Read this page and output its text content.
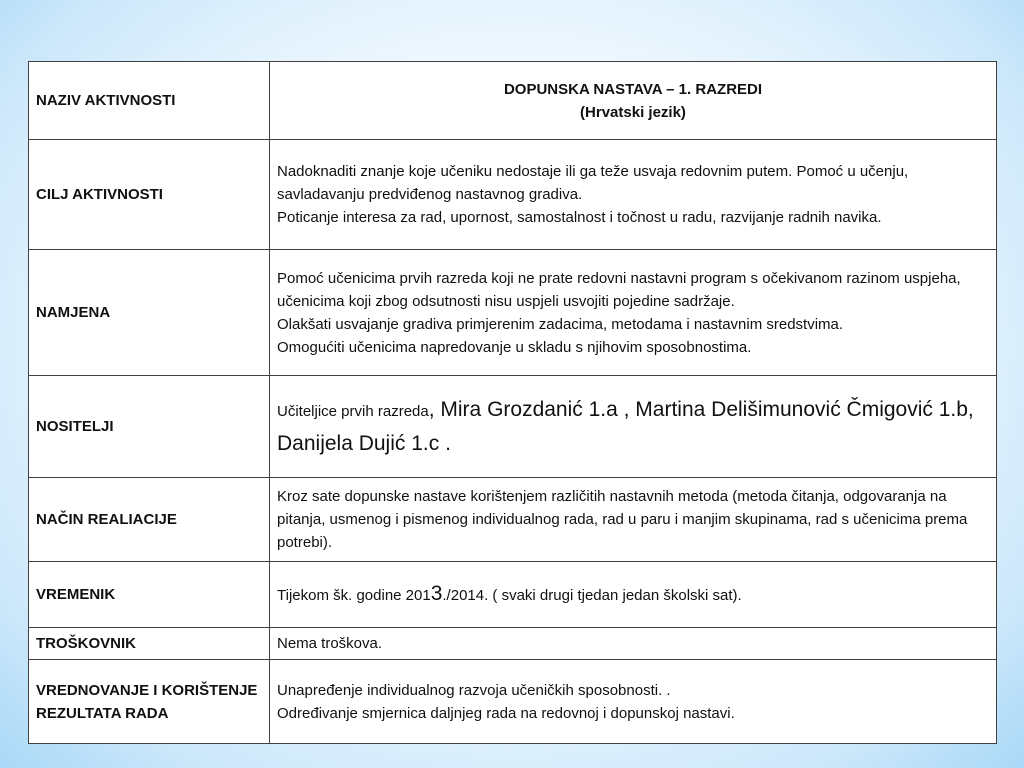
NAZIV AKTIVNOSTI	DOPUNSKA NASTAVA – 1. RAZREDI
(Hrvatski jezik)

CILJ AKTIVNOSTI	Nadoknaditi znanje koje učeniku nedostaje ili ga teže usvaja redovnim putem. Pomoć u učenju, savladavanju predviđenog nastavnog gradiva.

Poticanje interesa za rad, upornost, samostalnost i točnost u radu, razvijanje radnih navika.

NAMJENA	Pomoć učenicima prvih razreda koji ne prate redovni nastavni program s očekivanom razinom uspjeha, učenicima koji zbog odsutnosti nisu uspjeli usvojiti pojedine sadržaje.

Olakšati usvajanje gradiva primjerenim zadacima, metodama i nastavnim sredstvima.

Omogućiti učenicima napredovanje u skladu s njihovim sposobnostima.

NOSITELJI	Učiteljice prvih razreda, Mira Grozdanić 1.a , Martina Delišimunović Čmigović 1.b, Danijela Dujić 1.c .

NAČIN REALIACIJE	Kroz sate dopunske nastave korištenjem različitih nastavnih metoda (metoda čitanja, odgovaranja na pitanja, usmenog i pismenog individualnog rada, rad u paru i manjim skupinama, rad s učenicima prema potrebi).

VREMENIK	Tijekom šk. godine 2013./2014. ( svaki drugi tjedan jedan školski sat).

TROŠKOVNIK	Nema troškova.

VREDNOVANJE I KORIŠTENJE REZULTATA RADA	Unapređenje individualnog razvoja učeničkih sposobnosti. .

Određivanje smjernica daljnjeg rada na redovnoj i dopunskoj nastavi.
